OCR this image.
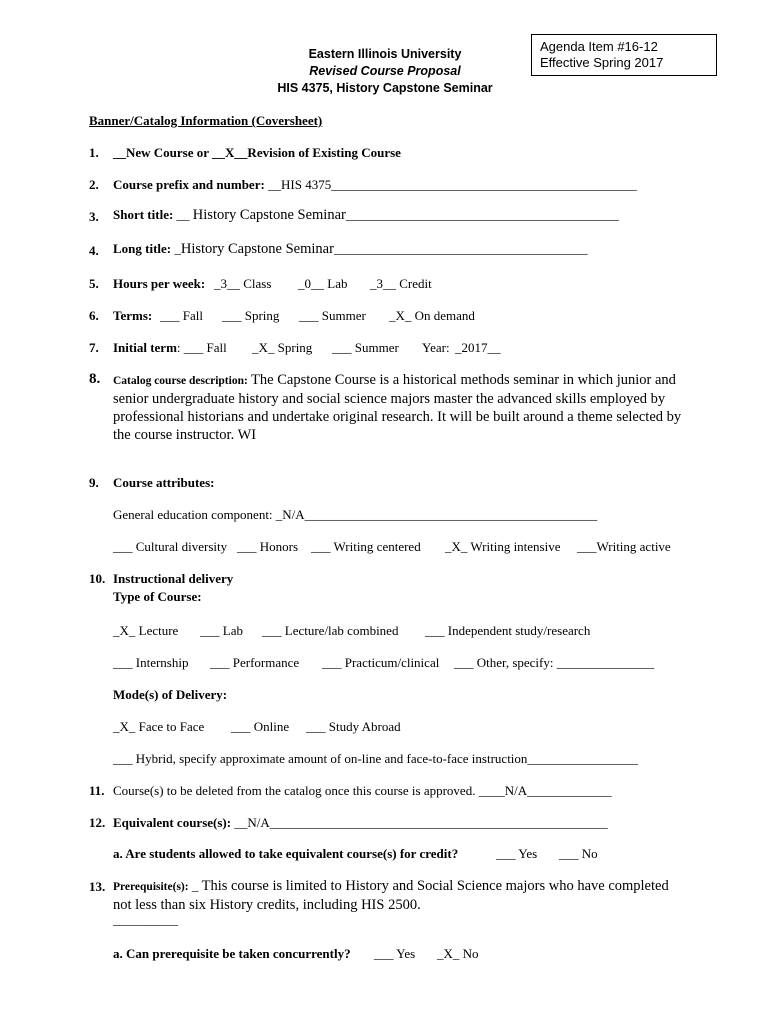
Agenda Item #16-12
Effective Spring 2017
Eastern Illinois University
Revised Course Proposal
HIS 4375, History Capstone Seminar
Banner/Catalog Information (Coversheet)
1. __New Course or __X__Revision of Existing Course
2. Course prefix and number: __HIS 4375_______________________________________________
3. Short title: __ History Capstone Seminar__________________________________________
4. Long title: _History Capstone Seminar_______________________________________
5. Hours per week: _3__ Class _0__ Lab _3__ Credit
6. Terms: ___ Fall ___ Spring ___ Summer _X_ On demand
7. Initial term: ___ Fall _X_ Spring ___ Summer Year: _2017__
8. Catalog course description: The Capstone Course is a historical methods seminar in which junior and senior undergraduate history and social science majors master the advanced skills employed by professional historians and undertake original research. It will be built around a theme selected by the course instructor. WI
9. Course attributes:
General education component: _N/A_____________________________________________
___ Cultural diversity ___ Honors ___ Writing centered _X_ Writing intensive ___Writing active
10. Instructional delivery
Type of Course:
_X_ Lecture ___ Lab ___ Lecture/lab combined ___ Independent study/research
___ Internship ___ Performance ___ Practicum/clinical ___ Other, specify: _______________
Mode(s) of Delivery:
_X_ Face to Face ___ Online ___ Study Abroad
___ Hybrid, specify approximate amount of on-line and face-to-face instruction_________________
11. Course(s) to be deleted from the catalog once this course is approved. ____N/A_____________
12. Equivalent course(s): __N/A____________________________________________________
a. Are students allowed to take equivalent course(s) for credit?	___ Yes ___ No
13. Prerequisite(s): _ This course is limited to History and Social Science majors who have completed not less than six History credits, including HIS 2500.
__________
a. Can prerequisite be taken concurrently? ___ Yes _X_ No
